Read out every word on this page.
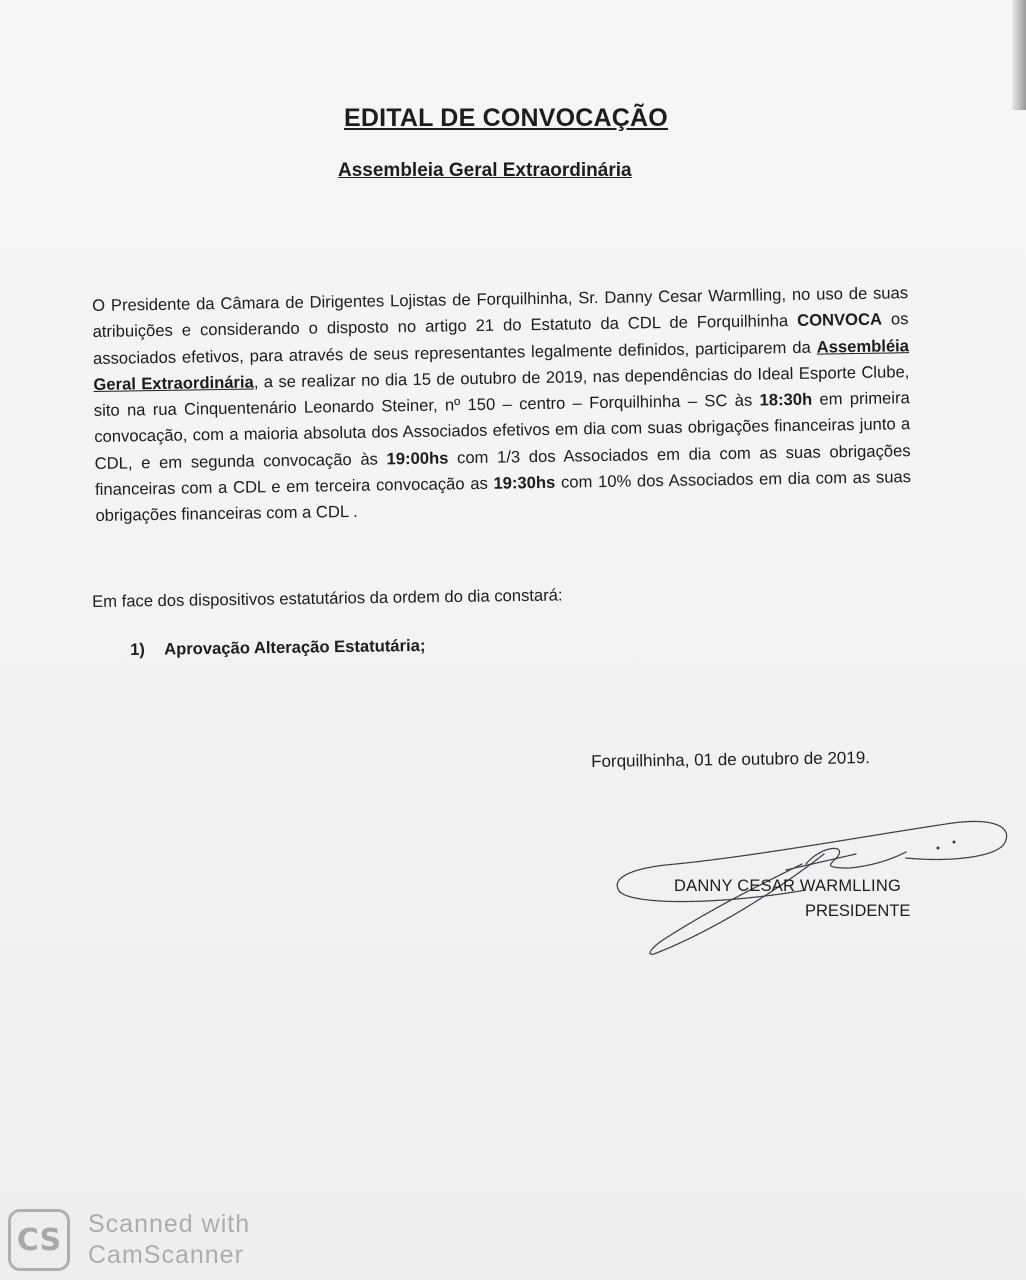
EDITAL DE CONVOCAÇÃO
Assembleia Geral Extraordinária

O Presidente da Câmara de Dirigentes Lojistas de Forquilhinha, Sr. Danny Cesar Warmlling, no uso de suas atribuições e considerando o disposto no artigo 21 do Estatuto da CDL de Forquilhinha CONVOCA os associados efetivos, para através de seus representantes legalmente definidos, participarem da Assembléia Geral Extraordinária, a se realizar no dia 15 de outubro de 2019, nas dependências do Ideal Esporte Clube, sito na rua Cinquentenário Leonardo Steiner, nº 150 – centro – Forquilhinha – SC às 18:30h em primeira convocação, com a maioria absoluta dos Associados efetivos em dia com suas obrigações financeiras junto a CDL, e em segunda convocação às 19:00hs com 1/3 dos Associados em dia com as suas obrigações financeiras com a CDL e em terceira convocação as 19:30hs com 10% dos Associados em dia com as suas obrigações financeiras com a CDL .

Em face dos dispositivos estatutários da ordem do dia constará:

1) Aprovação Alteração Estatutária;

Forquilhinha, 01 de outubro de 2019.

DANNY CESAR WARMLLING

PRESIDENTE

CS	Scanned with
CamScanner
